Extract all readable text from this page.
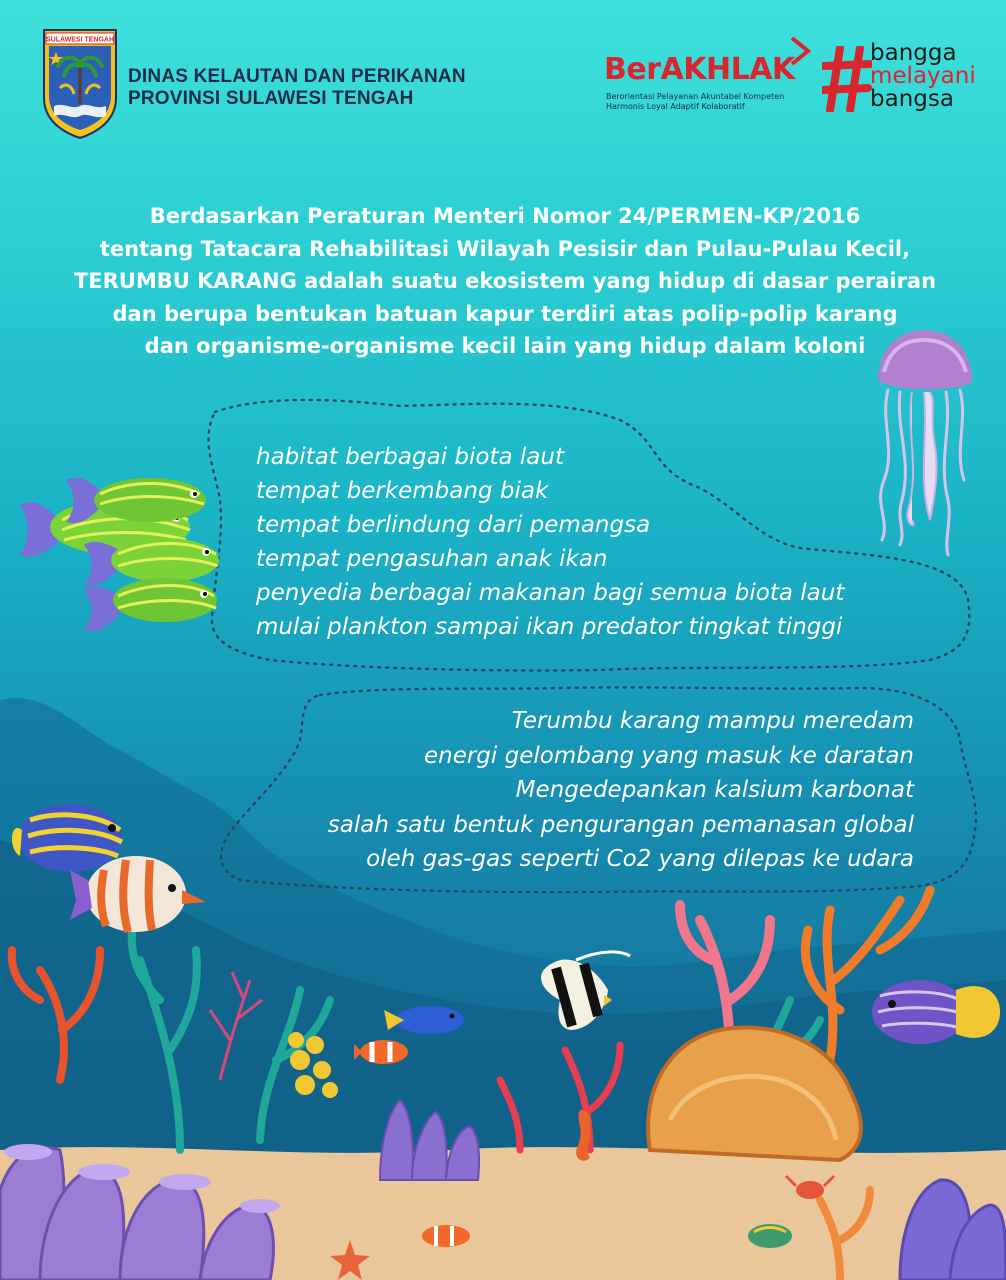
SULAWESI TENGAH
DINAS KELAUTAN DAN PERIKANAN
PROVINSI SULAWESI TENGAH
BerAKHLAK
Berorientasi Pelayanan Akuntabel Kompeten
Harmonis Loyal Adaptif Kolaboratif
bangga
melayani
bangsa
Berdasarkan Peraturan Menteri Nomor 24/PERMEN-KP/2016
tentang Tatacara Rehabilitasi Wilayah Pesisir dan Pulau-Pulau Kecil,
TERUMBU KARANG adalah suatu ekosistem yang hidup di dasar perairan
dan berupa bentukan batuan kapur terdiri atas polip-polip karang
dan organisme-organisme kecil lain yang hidup dalam koloni
habitat berbagai biota laut
tempat berkembang biak
tempat berlindung dari pemangsa
tempat pengasuhan anak ikan
penyedia berbagai makanan bagi semua biota laut
mulai plankton sampai ikan predator tingkat tinggi
Terumbu karang mampu meredam
energi gelombang yang masuk ke daratan
Mengedepankan kalsium karbonat
salah satu bentuk pengurangan pemanasan global
oleh gas-gas seperti Co2 yang dilepas ke udara
